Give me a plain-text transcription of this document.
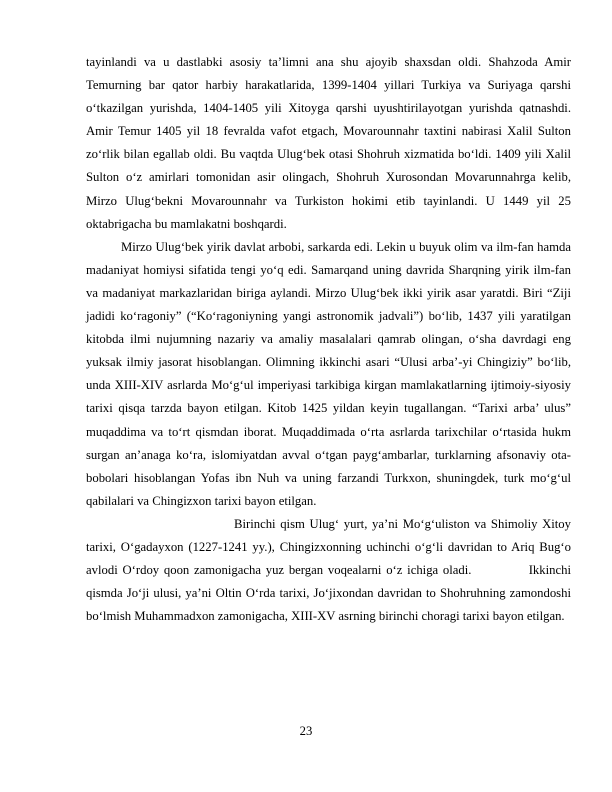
tayinlandi va u dastlabki asosiy ta’limni ana shu ajoyib shaxsdan oldi. Shahzoda Amir Temurning bar qator harbiy harakatlarida, 1399-1404 yillari Turkiya va Suriyaga qarshi o‘tkazilgan yurishda, 1404-1405 yili Xitoyga qarshi uyushtirilayotgan yurishda qatnashdi. Amir Temur 1405 yil 18 fevralda vafot etgach, Movarounnahr taxtini nabirasi Xalil Sulton zo‘rlik bilan egallab oldi. Bu vaqtda Ulug‘bek otasi Shohruh xizmatida bo‘ldi. 1409 yili Xalil Sulton o‘z amirlari tomonidan asir olingach, Shohruh Xurosondan Movarunnahrga kelib, Mirzo Ulug‘bekni Movarounnahr va Turkiston hokimi etib tayinlandi. U 1449 yil 25 oktabrigacha bu mamlakatni boshqardi.

Mirzo Ulug‘bek yirik davlat arbobi, sarkarda edi. Lekin u buyuk olim va ilm-fan hamda madaniyat homiysi sifatida tengi yo‘q edi. Samarqand uning davrida Sharqning yirik ilm-fan va madaniyat markazlaridan biriga aylandi. Mirzo Ulug‘bek ikki yirik asar yaratdi. Biri “Ziji jadidi ko‘ragoniy” (“Ko‘ragoniyning yangi astronomik jadvali”) bo‘lib, 1437 yili yaratilgan kitobda ilmi nujumning nazariy va amaliy masalalari qamrab olingan, o‘sha davrdagi eng yuksak ilmiy jasorat hisoblangan. Olimning ikkinchi asari “Ulusi arba’-yi Chingiziy” bo‘lib, unda XIII-XIV asrlarda Mo‘g‘ul imperiyasi tarkibiga kirgan mamlakatlarning ijtimoiy-siyosiy tarixi qisqa tarzda bayon etilgan. Kitob 1425 yildan keyin tugallangan. “Tarixi arba’ ulus” muqaddima va to‘rt qismdan iborat. Muqaddimada o‘rta asrlarda tarixchilar o‘rtasida hukm surgan an’anaga ko‘ra, islomiyatdan avval o‘tgan payg‘ambarlar, turklarning afsonaviy ota-bobolari hisoblangan Yofas ibn Nuh va uning farzandi Turkxon, shuningdek, turk mo‘g‘ul qabilalari va Chingizxon tarixi bayon etilgan.

Birinchi qism Ulug‘ yurt, ya’ni Mo‘g‘uliston va Shimoliy Xitoy tarixi, O‘gadayxon (1227-1241 yy.), Chingizxonning uchinchi o‘g‘li davridan to Ariq Bug‘o avlodi O‘rdoy qoon zamonigacha yuz bergan voqealarni o‘z ichiga oladi.            Ikkinchi qismda Jo‘ji ulusi, ya’ni Oltin O‘rda tarixi, Jo‘jixondan davridan to Shohruhning zamondoshi bo‘lmish Muhammadxon zamonigacha, XIII-XV asrning birinchi choragi tarixi bayon etilgan.

23
